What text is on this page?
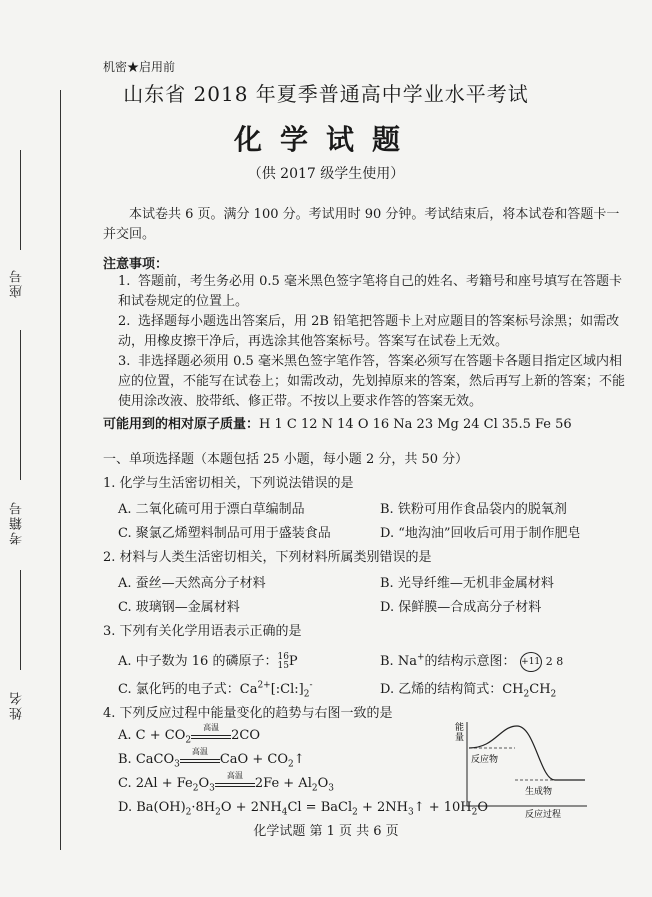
座号
考籍号
姓名
机密★启用前
山东省 2018 年夏季普通高中学业水平考试
化学试题
（供 2017 级学生使用）
本试卷共 6 页。满分 100 分。考试用时 90 分钟。考试结束后，将本试卷和答题卡一并交回。
注意事项：
1. 答题前，考生务必用 0.5 毫米黑色签字笔将自己的姓名、考籍号和座号填写在答题卡和试卷规定的位置上。
2. 选择题每小题选出答案后，用 2B 铅笔把答题卡上对应题目的答案标号涂黑；如需改动，用橡皮擦干净后，再选涂其他答案标号。答案写在试卷上无效。
3. 非选择题必须用 0.5 毫米黑色签字笔作答，答案必须写在答题卡各题目指定区域内相应的位置，不能写在试卷上；如需改动，先划掉原来的答案，然后再写上新的答案；不能使用涂改液、胶带纸、修正带。不按以上要求作答的答案无效。
可能用到的相对原子质量：H 1 C 12 N 14 O 16 Na 23 Mg 24 Cl 35.5 Fe 56
一、单项选择题（本题包括 25 小题，每小题 2 分，共 50 分）
1. 化学与生活密切相关，下列说法错误的是
A. 二氧化硫可用于漂白草编制品	B. 铁粉可用作食品袋内的脱氧剂
C. 聚氯乙烯塑料制品可用于盛装食品	D. “地沟油”回收后可用于制作肥皂
2. 材料与人类生活密切相关，下列材料所属类别错误的是
A. 蚕丝—天然高分子材料	B. 光导纤维—无机非金属材料
C. 玻璃钢—金属材料	D. 保鲜膜—合成高分子材料
3. 下列有关化学用语表示正确的是
A. 中子数为 16 的磷原子：16
15P	B. Na+的结构示意图： +11 2 8
C. 氯化钙的电子式：$Ca^{2+}[:Cl:]_2^-$	D. 乙烯的结构简式：$CH_2CH_2$
4. 下列反应过程中能量变化的趋势与右图一致的是
A. $C + CO_2$
高温
2CO
B. CaCO$_3$
高温
CaO + $CO_2↑$
C. $2Al + Fe_2O_3$
高温
$2Fe + Al_2O_3$
D. $Ba(OH)_2\cdot 8H_2O + 2NH_4Cl$ = BaCl$_2$ + $2NH_3↑ + 10H_2O$
能
量
反应物
生成物
反应过程
化学试题 第 1 页 共 6 页
